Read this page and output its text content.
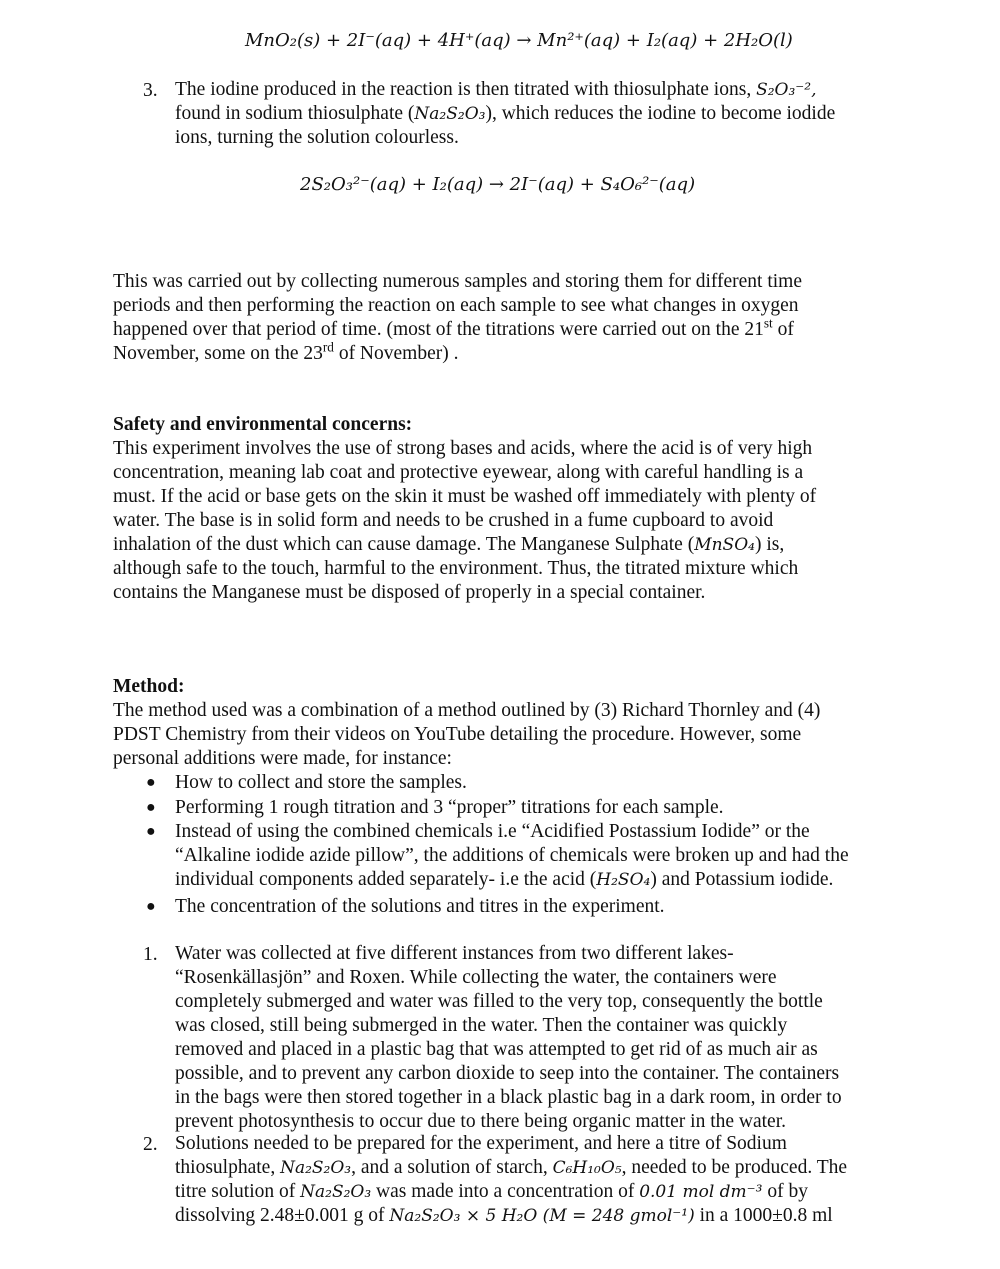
MnO₂(s) + 2I⁻(aq) + 4H⁺(aq) → Mn²⁺(aq) + I₂(aq) + 2H₂O(l)
3. The iodine produced in the reaction is then titrated with thiosulphate ions, S₂O₃⁻²,
found in sodium thiosulphate (Na₂S₂O₃), which reduces the iodine to become iodide
ions, turning the solution colourless.

2S₂O₃²⁻(aq) + I₂(aq) → 2I⁻(aq) + S₄O₆²⁻(aq)

This was carried out by collecting numerous samples and storing them for different time
periods and then performing the reaction on each sample to see what changes in oxygen
happened over that period of time. (most of the titrations were carried out on the 21st of
November, some on the 23rd of November) .

Safety and environmental concerns:
This experiment involves the use of strong bases and acids, where the acid is of very high
concentration, meaning lab coat and protective eyewear, along with careful handling is a
must. If the acid or base gets on the skin it must be washed off immediately with plenty of
water. The base is in solid form and needs to be crushed in a fume cupboard to avoid
inhalation of the dust which can cause damage. The Manganese Sulphate (MnSO₄) is,
although safe to the touch, harmful to the environment. Thus, the titrated mixture which
contains the Manganese must be disposed of properly in a special container.

Method:
The method used was a combination of a method outlined by (3) Richard Thornley and (4)
PDST Chemistry from their videos on YouTube detailing the procedure. However, some
personal additions were made, for instance:

● How to collect and store the samples.

● Performing 1 rough titration and 3 “proper” titrations for each sample.

● Instead of using the combined chemicals i.e “Acidified Postassium Iodide” or the
“Alkaline iodide azide pillow”, the additions of chemicals were broken up and had the
individual components added separately- i.e the acid (H₂SO₄) and Potassium iodide.

● The concentration of the solutions and titres in the experiment.

1. Water was collected at five different instances from two different lakes-
“Rosenkällasjön” and Roxen. While collecting the water, the containers were
completely submerged and water was filled to the very top, consequently the bottle
was closed, still being submerged in the water. Then the container was quickly
removed and placed in a plastic bag that was attempted to get rid of as much air as
possible, and to prevent any carbon dioxide to seep into the container. The containers
in the bags were then stored together in a black plastic bag in a dark room, in order to
prevent photosynthesis to occur due to there being organic matter in the water.

2. Solutions needed to be prepared for the experiment, and here a titre of Sodium
thiosulphate, Na₂S₂O₃, and a solution of starch, C₆H₁₀O₅, needed to be produced. The
titre solution of Na₂S₂O₃ was made into a concentration of 0.01 mol dm⁻³ of by
dissolving 2.48±0.001 g of Na₂S₂O₃ × 5 H₂O (M = 248 gmol⁻¹) in a 1000±0.8 ml
